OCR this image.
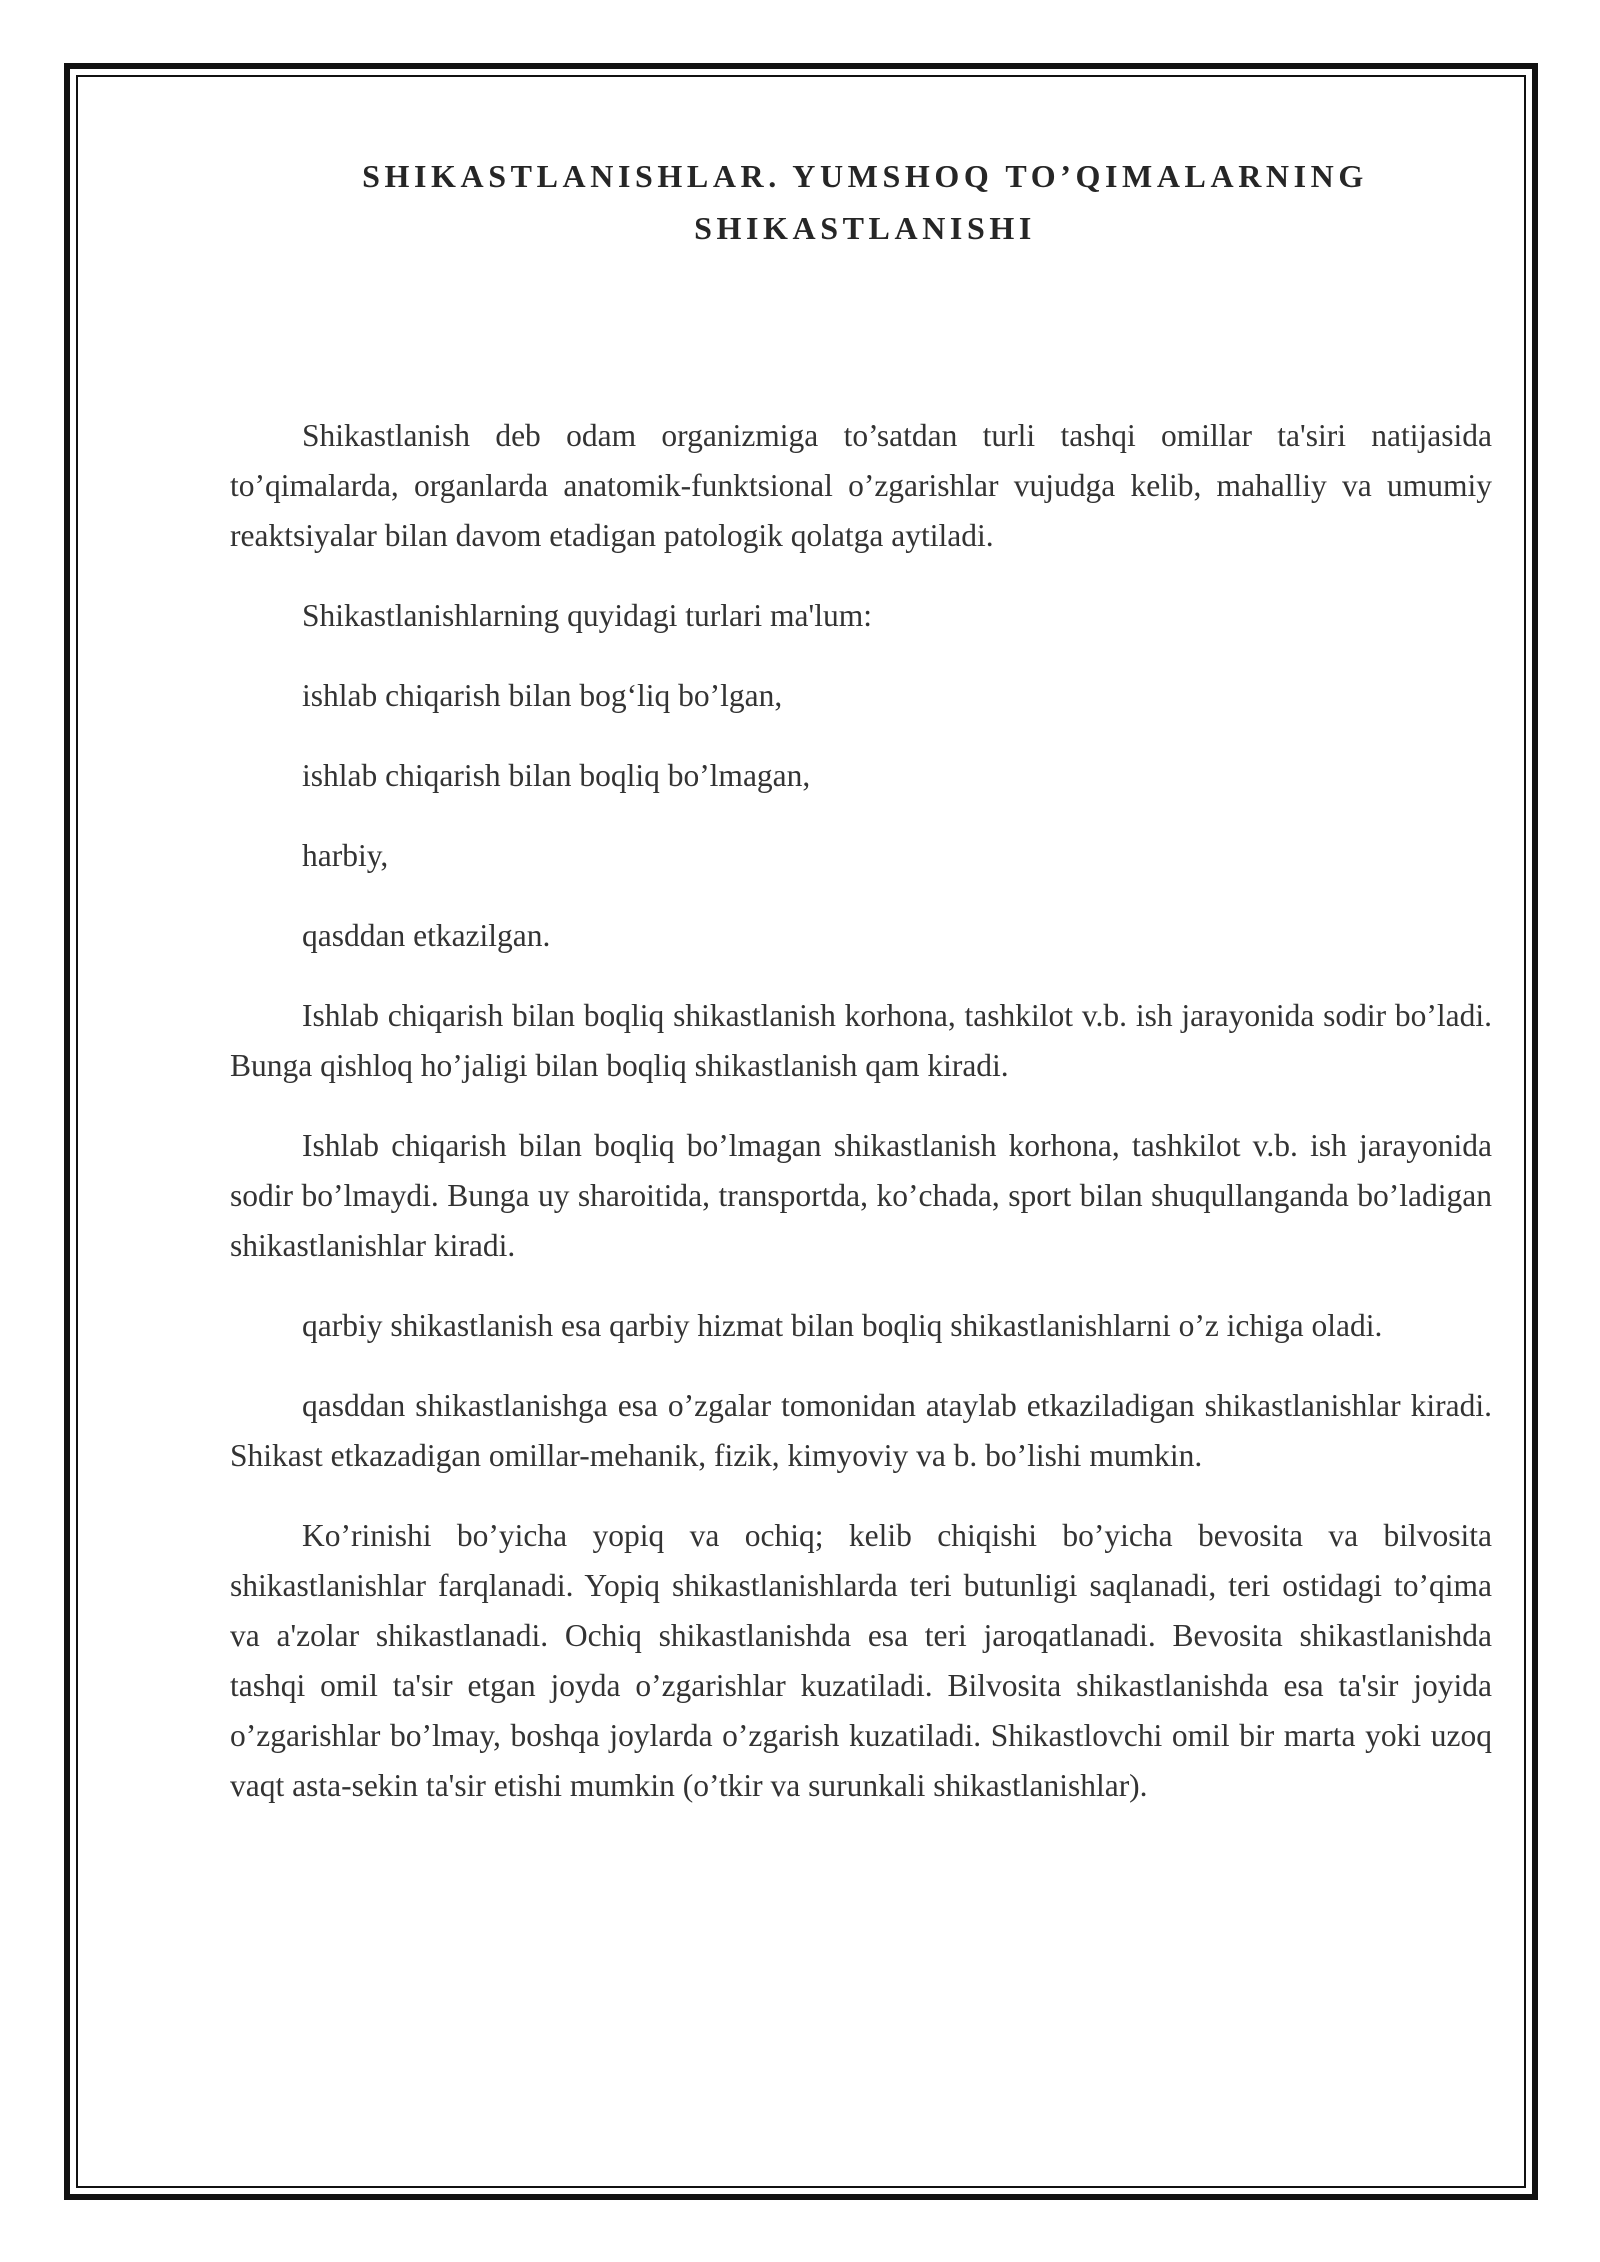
SHIKASTLANISHLAR. YUMSHOQ TO’QIMALARNING
SHIKASTLANISHI

Shikastlanish deb odam organizmiga to’satdan turli tashqi omillar ta'siri natijasida to’qimalarda, organlarda anatomik-funktsional o’zgarishlar vujudga kelib, mahalliy va umumiy reaktsiyalar bilan davom etadigan patologik qolatga aytiladi.

Shikastlanishlarning quyidagi turlari ma'lum:

ishlab chiqarish bilan bog‘liq bo’lgan,

ishlab chiqarish bilan boqliq bo’lmagan,

harbiy,

qasddan etkazilgan.

Ishlab chiqarish bilan boqliq shikastlanish korhona, tashkilot v.b. ish jarayonida sodir bo’ladi. Bunga qishloq ho’jaligi bilan boqliq shikastlanish qam kiradi.

Ishlab chiqarish bilan boqliq bo’lmagan shikastlanish korhona, tashkilot v.b. ish jarayonida sodir bo’lmaydi. Bunga uy sharoitida, transportda, ko’chada, sport bilan shuqullanganda bo’ladigan shikastlanishlar kiradi.

qarbiy shikastlanish esa qarbiy hizmat bilan boqliq shikastlanishlarni o’z ichiga oladi.

qasddan shikastlanishga esa o’zgalar tomonidan ataylab etkaziladigan shikastlanishlar kiradi. Shikast etkazadigan omillar-mehanik, fizik, kimyoviy va b. bo’lishi mumkin.

Ko’rinishi bo’yicha yopiq va ochiq; kelib chiqishi bo’yicha bevosita va bilvosita shikastlanishlar farqlanadi. Yopiq shikastlanishlarda teri butunligi saqlanadi, teri ostidagi to’qima va a'zolar shikastlanadi. Ochiq shikastlanishda esa teri jaroqatlanadi. Bevosita shikastlanishda tashqi omil ta'sir etgan joyda o’zgarishlar kuzatiladi. Bilvosita shikastlanishda esa ta'sir joyida o’zgarishlar bo’lmay, boshqa joylarda o’zgarish kuzatiladi. Shikastlovchi omil bir marta yoki uzoq vaqt asta-sekin ta'sir etishi mumkin (o’tkir va surunkali shikastlanishlar).
